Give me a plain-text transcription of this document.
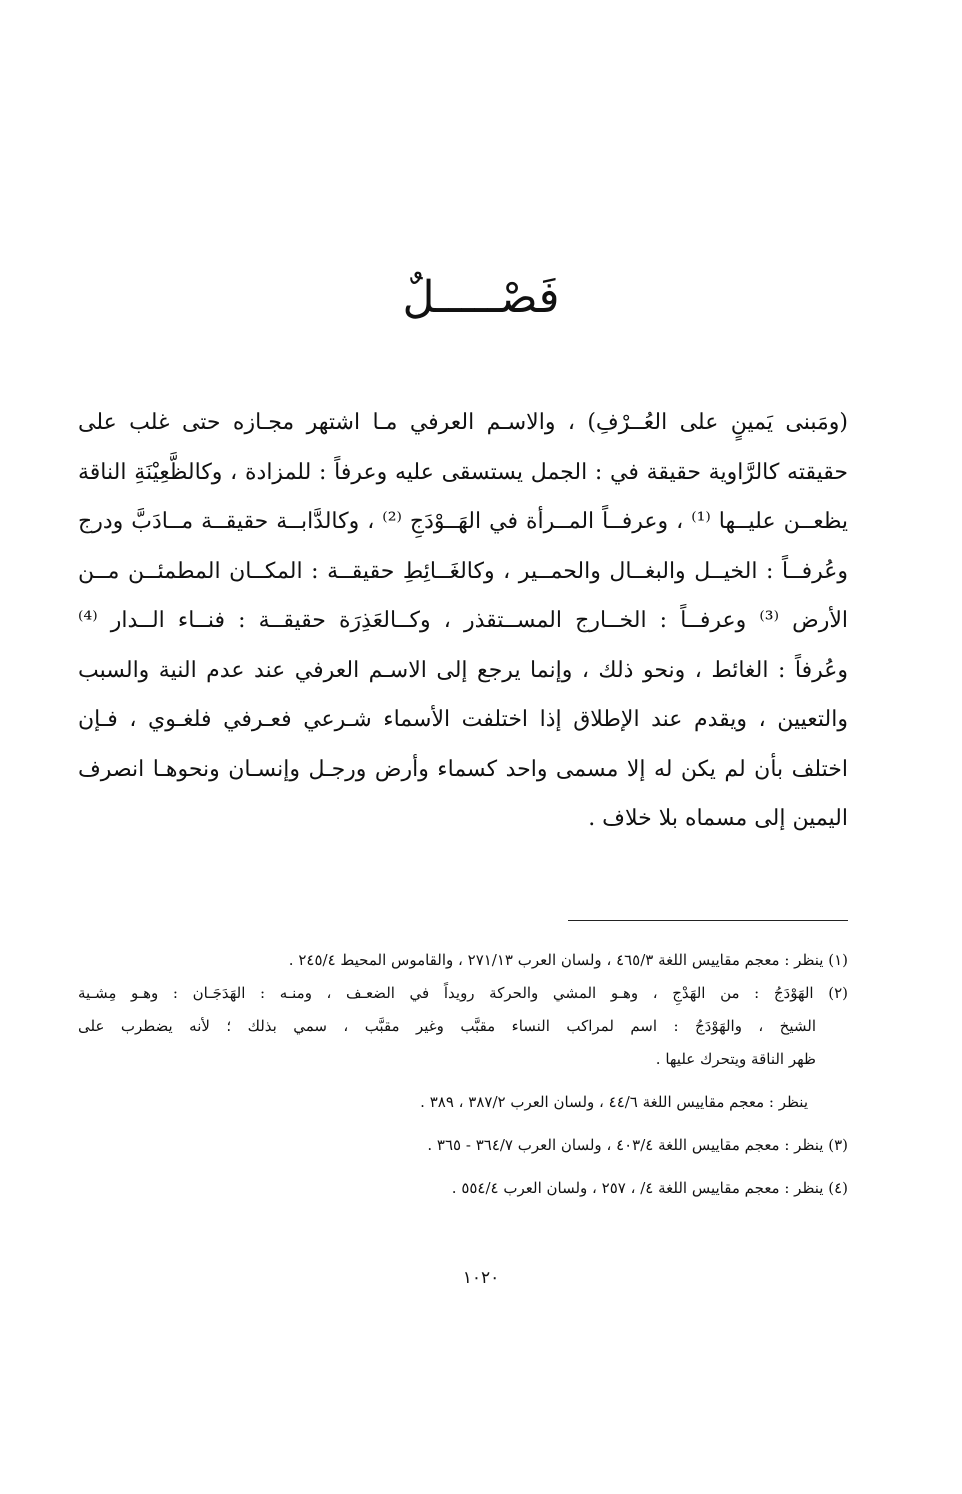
فَصْـــــلٌ
(ومَبنى يَمينٍ على العُــرْفِ) ، والاسـم العرفي مـا اشتهر مجـازه حتى غلب على
حقيقته كالرَّاوية حقيقة في : الجمل يستسقى عليه وعرفاً : للمزادة ، وكالظَّعِيْنَةِ الناقة
يظعــن عليــها ⁽¹⁾ ، وعرفــاً المــرأة في الهَــوْدَجِ ⁽²⁾ ، وكالدَّابــة حقيقــة مــادَبَّ ودرج
وعُرفــاً : الخيــل والبغــال والحمــير ، وكالغَــائِطِ حقيقــة : المكــان المطمئــن مــن
الأرض ⁽³⁾ وعرفــاً : الخــارج المســتقذر ، وكــالعَذِرَة حقيقــة : فنــاء الــدار ⁽⁴⁾
وعُرفاً : الغائط ، ونحو ذلك ، وإنما يرجع إلى الاسـم العرفي عند عدم النية والسبب
والتعيين ، ويقدم عند الإطلاق إذا اختلفت الأسماء شـرعي فعـرفي فلغـوي ، فـإن
اختلف بأن لم يكن له إلا مسمى واحد كسماء وأرض ورجـل وإنسـان ونحوهـا انصرف
اليمين إلى مسماه بلا خلاف .
(١) ينظر : معجم مقاييس اللغة ٤٦٥/٣ ، ولسان العرب ٢٧١/١٣ ، والقاموس المحيط ٢٤٥/٤ .
(٢) الهَوْدَجُ : من الهَدْجِ ، وهـو المشي والحركة رويداً في الضعـف ، ومنـه : الهَدَجَـان : وهـو مِشـية
الشيخ ، والهَوْدَجُ : اسم لمراكب النساء مقبَّب وغير مقبَّب ، سمي بذلك ؛ لأنه يضطرب على
ظهر الناقة ويتحرك عليها .
ينظر : معجم مقاييس اللغة ٤٤/٦ ، ولسان العرب ٣٨٧/٢ ، ٣٨٩ .
(٣) ينظر : معجم مقاييس اللغة ٤٠٣/٤ ، ولسان العرب ٣٦٤/٧ - ٣٦٥ .
(٤) ينظر : معجم مقاييس اللغة ٤/ ، ٢٥٧ ، ولسان العرب ٥٥٤/٤ .
١٠٢٠
